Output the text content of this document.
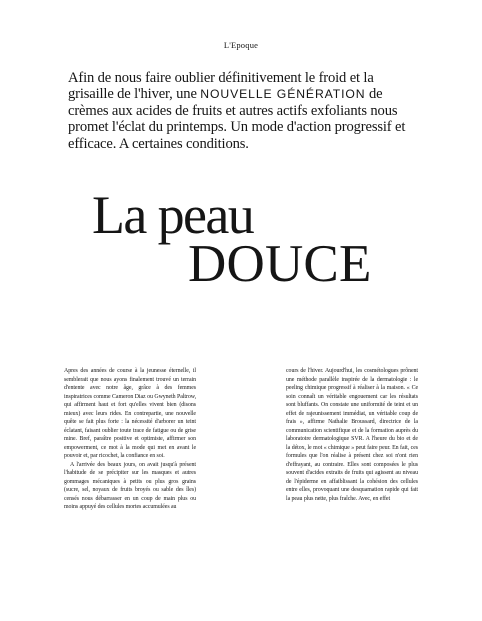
L'Epoque

Afin de nous faire oublier définitivement le froid et la grisaille de l'hiver, une NOUVELLE GÉNÉRATION de crèmes aux acides de fruits et autres actifs exfoliants nous promet l'éclat du printemps. Un mode d'action progressif et efficace. A certaines conditions.

La peau
DOUCE

Apres des années de course à la jeunesse éternelle, il semblerait que nous ayons finalement trouvé un terrain d'entente avec notre âge, grâce à des femmes inspiratrices comme Cameron Diaz ou Gwyneth Paltrow, qui affirment haut et fort qu'elles vivent bien (disons mieux) avec leurs rides. En contrepartie, une nouvelle quête se fait plus forte : la nécessité d'arborer un teint éclatant, faisant oublier toute trace de fatigue ou de grise mine. Bref, paraître positive et optimiste, affirmer son empowerment, ce mot à la mode qui met en avant le pouvoir et, par ricochet, la confiance en soi.

A l'arrivée des beaux jours, on avait jusqu'à présent l'habitude de se précipiter sur les masques et autres gommages mécaniques à petits ou plus gros grains (sucre, sel, noyaux de fruits broyés ou sable des îles) censés nous débarrasser en un coup de main plus ou moins appuyé des cellules mortes accumulées au

cours de l'hiver. Aujourd'hui, les cosmétologues prônent une méthode parallèle inspirée de la dermatologie : le peeling chimique progressif à réaliser à la maison. « Ce soin connaît un véritable engouement car les résultats sont bluffants. On constate une uniformité de teint et un effet de rajeunissement immédiat, un véritable coup de frais », affirme Nathalie Broussard, directrice de la communication scientifique et de la formation auprès du laboratoire dermatologique SVR. A l'heure du bio et de la détox, le mot « chimique » peut faire peur. En fait, ces formules que l'on réalise à présent chez soi n'ont rien d'effrayant, au contraire. Elles sont composées le plus souvent d'acides extraits de fruits qui agissent au niveau de l'épiderme en affaiblissant la cohésion des cellules entre elles, provoquant une desquamation rapide qui fait la peau plus nette, plus fraîche. Avec, en effet
